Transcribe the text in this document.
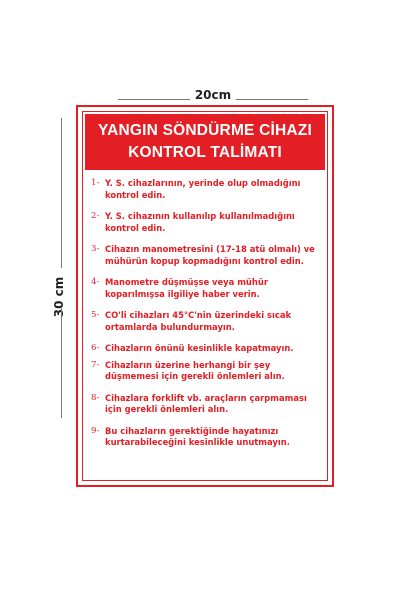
20cm
30 cm
YANGIN SÖNDÜRME CİHAZI
KONTROL TALİMATI
1- Y. S. cihazlarının, yerinde olup olmadığını kontrol edin.
2- Y. S. cihazının kullanılıp kullanılmadığını kontrol edin.
3- Cihazın manometresini (17-18 atü olmalı) ve mühürün kopup kopmadığını kontrol edin.
4- Manometre düşmüşse veya mühür koparılmışsa ilgiliye haber verin.
5- CO'li cihazları 45°C'nin üzerindeki sıcak ortamlarda bulundurmayın.
6- Cihazların önünü kesinlikle kapatmayın.
7- Cihazların üzerine herhangi bir şey düşmemesi için gerekli önlemleri alın.
8- Cihazlara forklift vb. araçların çarpmaması için gerekli önlemleri alın.
9- Bu cihazların gerektiğinde hayatınızı kurtarabileceğini kesinlikle unutmayın.
